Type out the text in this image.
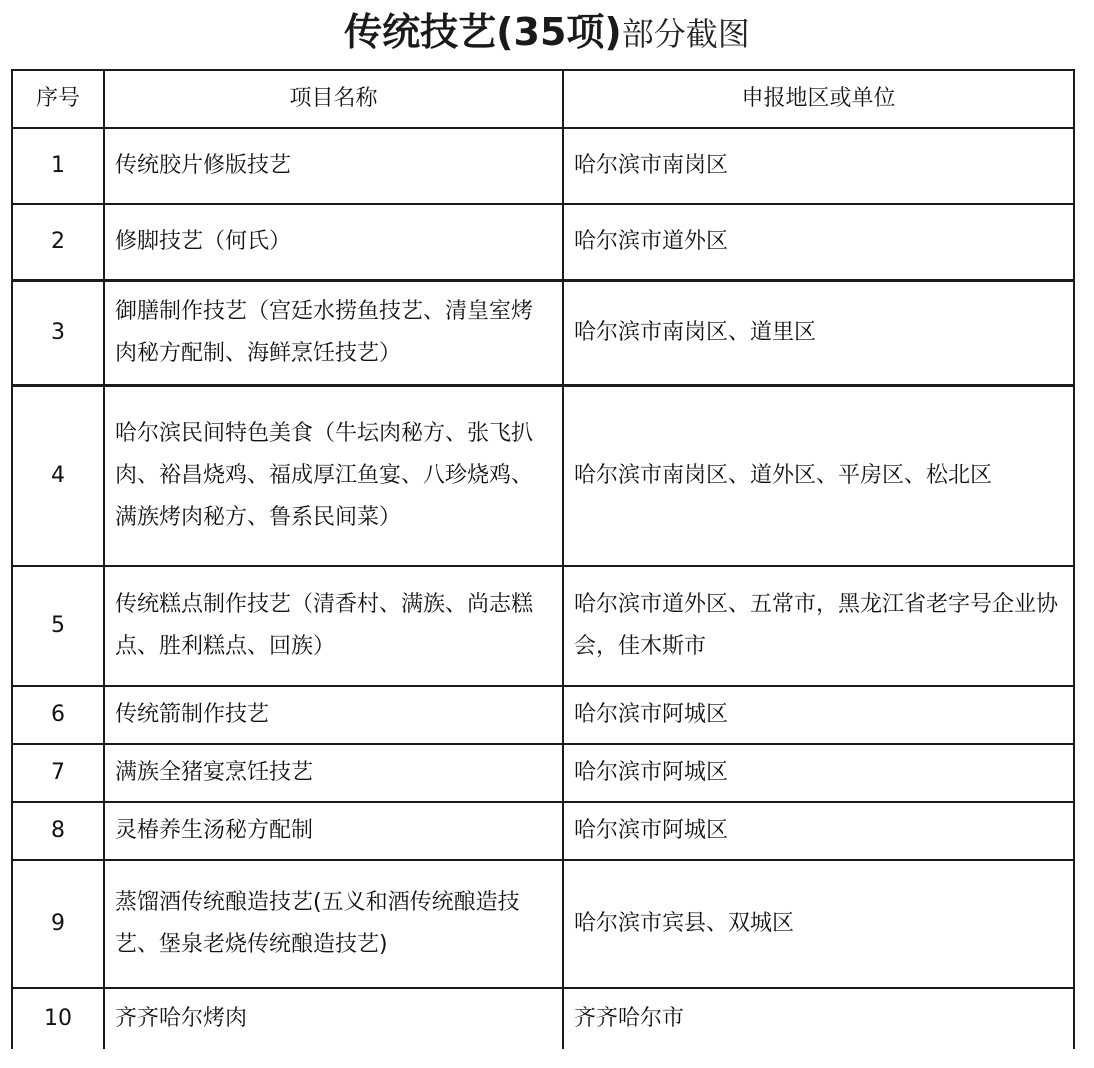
传统技艺(35项)部分截图
序号	项目名称	申报地区或单位
1	传统胶片修版技艺	哈尔滨市南岗区
2	修脚技艺（何氏）	哈尔滨市道外区
3	御膳制作技艺（宫廷水捞鱼技艺、清皇室烤肉秘方配制、海鲜烹饪技艺）	哈尔滨市南岗区、道里区
4	哈尔滨民间特色美食（牛坛肉秘方、张飞扒肉、裕昌烧鸡、福成厚江鱼宴、八珍烧鸡、满族烤肉秘方、鲁系民间菜）	哈尔滨市南岗区、道外区、平房区、松北区
5	传统糕点制作技艺（清香村、满族、尚志糕点、胜利糕点、回族）	哈尔滨市道外区、五常市，黑龙江省老字号企业协会，佳木斯市
6	传统箭制作技艺	哈尔滨市阿城区
7	满族全猪宴烹饪技艺	哈尔滨市阿城区
8	灵椿养生汤秘方配制	哈尔滨市阿城区
9	蒸馏酒传统酿造技艺(五义和酒传统酿造技艺、堡泉老烧传统酿造技艺)	哈尔滨市宾县、双城区
10	齐齐哈尔烤肉	齐齐哈尔市
